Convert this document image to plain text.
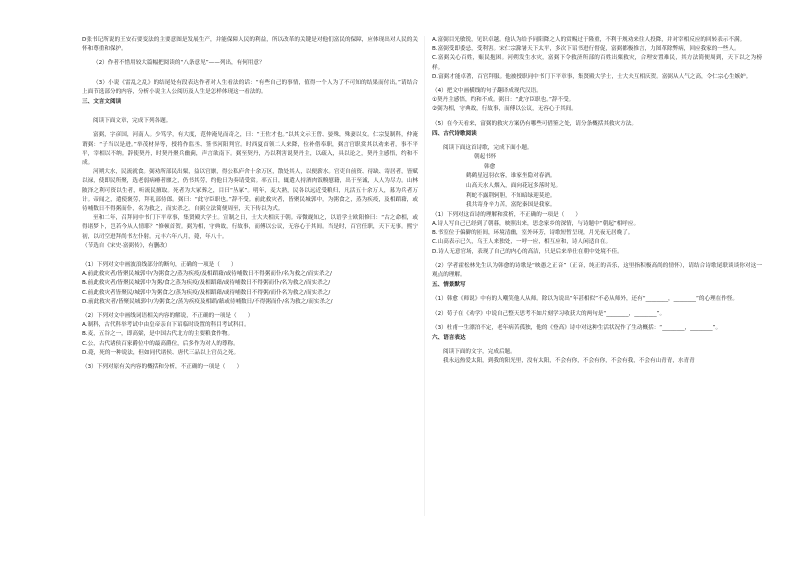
D张书记所说的王安石要变法的主要意图是发展生产，并能保障人民的利益，所以改革的关键是对他们富民的保障，应体现出对人民的关怀和尊重和保护。

（2）作者不惜用较大篇幅把阅读的“八条意见”——列出，有何用意？

（3）小说《雷乱之乱》的结尾处有段表达作者对人生看法的话：“有些自己的事情，值得一个人为了不可知的结果而付出。”请结合上面节选部分的内容，分析小说主人公阅历及人生是怎样体现这一看法的。

三、文言文阅读

阅读下面文章，完成下列各题。

富弼，字彦国，河南人。少笃学，有大度，范仲淹见而奇之，曰：“王佐才也。”以其文示王曾、晏殊，殊妻以女。仁宗复制科，仲淹谓弼：“子当以是进。”举茂材异等，授将作监丞、签书河阳判官。时西夏首领二人来降，位补借奉职，弼言官职赏其以劝来者，事不平平，宰相以不纳。辞使契丹，时契丹聚兵幽蓟，声言欲南下。弼至契丹，乃以利害说契丹主，以疏入，具以论之，契丹主感悟，约和不成。

河朔大水，民流就食。弼劝所部民出粟，益以官廪，得公私庐舍十余万区，散处其人，以便薪水。官吏自前资、待缺、寄居者，皆赋以禄，使即民所聚，选老弱病瘠者廪之，仍书其劳，约他日为奏请受赏。率五日，辄遣人持酒肉饭糗慰籍，出于至诚，人人为尽力。山林陂泽之利可资以生者，听流民擅取。死者为大冢葬之，目曰“丛冢”。明年，麦大熟，民各以远近受粮归，凡活五十余万人，募为兵者万计。帝闻之，遣使褒劳，拜礼部侍郎。弼曰：“此守臣职也。”辞不受。前此救灾者，皆聚民城郭中，为粥食之，蒸为疾疫，及相蹈藉，或待哺数日不得粥而仆，名为救之，而实杀之。自弼立法简便周至，天下传以为式。

至和二年，召拜同中书门下平章事，集贤殿大学士。宣制之日，士大夫相庆于朝。帝微觇知之，以语学士欧阳修曰：“古之命相，或得诸梦卜，岂若今从人情耶？”修顿首贺。弼为相，守典故，行故事，而傅以公议，无容心于其间。当是时，百官任职，天下无事。熙宁初，以司空进拜尚书左仆射。元丰六年八月，薨，年八十。

（节选自《宋史·富弼传》，有删改）

（1）下列对文中画波浪线部分的断句，正确的一项是（　　）

A.前此救灾者/皆聚民城郭中/为粥食之/蒸为疾疫/及相蹈藉/或待哺数日不得粥而仆/名为救之/而实杀之/

B.前此救灾者/皆聚民城郭中为粥/食之蒸为疾疫/及相蹈藉/或待哺数日不得粥而仆/名为救之/而实杀之/

C.前此救灾者皆聚民/城郭中为粥食之/蒸为疾疫/及相蹈藉/或待哺数日不得粥/而仆名为救之/而实杀之/

D.前此救灾者/皆聚民城郭中/为粥食之/蒸为疾疫及相蹈/藉或待哺数日/不得粥而仆/名为救之/而实杀之/

（2）下列对文中画线词语相关内容的解说，不正确的一项是（　　）

A.制科，古代科举考试中由皇帝亲自下诏临时设置的科目考试科目。

B.麦，五谷之一，即高粱，是中国古代北方的主要粮食作物。

C.公，古代诸侯百家爵位中的最高爵位，后多作为对人的尊称。

D.薨，死的一种说法，但如同代诸侯、唐代三品以上官员之死。

（3）下列对原有关内容的概括和分析，不正确的一项是（　　）

A.富弼目光敏锐，见识卓越。他认为给予同阳降之人的赏赐过于隆重，不利于规劝来往人投降，并对宰相反应的回转表示不满。

B.富弼受即委忌，受利害。宋仁宗滁暑天下太平，多次下诏书进行督促，富弼都极推言，力图革除弊病，回应我家的一些人。

C.富弼关心百姓，赈民抱困。河朔发生水灾，富弼下令救济所部的百姓出粟救灾，合理安置难民，其方法简便周到，天下以之为榜样。

D.富弼才能卓著，百官拜服。他被授职同中书门下平章事，集贤殿大学士，士大夫互相庆贺。富弼从人气之高，令仁宗心生嫉妒。

（4）把文中画横线的句子翻译成现代汉语。

①契丹主感悟，约和不成。弼曰：“此守臣职也。”辞不受。

②弼为相，守典故，行故事，而傅以公议，无容心于其间。

（5）在今天看来，富弼的救灾方案仍有哪些可借鉴之处，请分条概括其救灾方法。

四、古代诗歌阅读

阅读下面这首诗歌，完成下面小题。

朝起书怀

韩愈

鹤鹤星冠羽衣客，谁家坐隐对春酒。

山高天水人烟入，面向花冠多落时见。

利蛇不露荆轲胆，不知暗绿迎莫逆。

我共寄身辛力苦，富陀秦国是我家。

（1）下列对这首诗的理解和赏析，不正确的一项是（　　）

A.诗人写自己已经到了朝暮，映照出来，思念家乡的深情，与诗题中“朝起”相呼应。

B.书室位于偏僻的匝间，环境清幽，室外环芳，诗歌短暂呈现，月光夜无居晚了。

C.山高表示已久，乌王人来独处，一呼一应，相互应和，诗人闲适自在。

D.诗人无意官场，表现了自己的内心的高洁，只是后来举仕在朝中处境不佳。

（2）学者霍松林先生认为韩愈的诗歌是“映愚之正音”（正音，纯正的音乐，这里指积极高尚的情怀），请结合诗歌尾联谈谈你对这一观点的理解。

五、情景默写

（1）韩愈《师说》中有的人嘲笑他人从师。除以为说出“年甚相似”不必从师外，还有“________，________”的心理在作怪。

（2）荀子在《劝学》中说自己整天思考不如片刻学习收获大的两句是“________，________”。

（3）杜甫一生漂泊不定，老年病苦孤独，他的《登高》诗中对这种生活状况作了生动概括：“________，________”。

六、语言表达

阅读下面的文字，完成后题。

我永远热爱太阳，到我的阳光里，没有太阳，不会有你，不会有你，不会有我，不会有山青青，水青青
